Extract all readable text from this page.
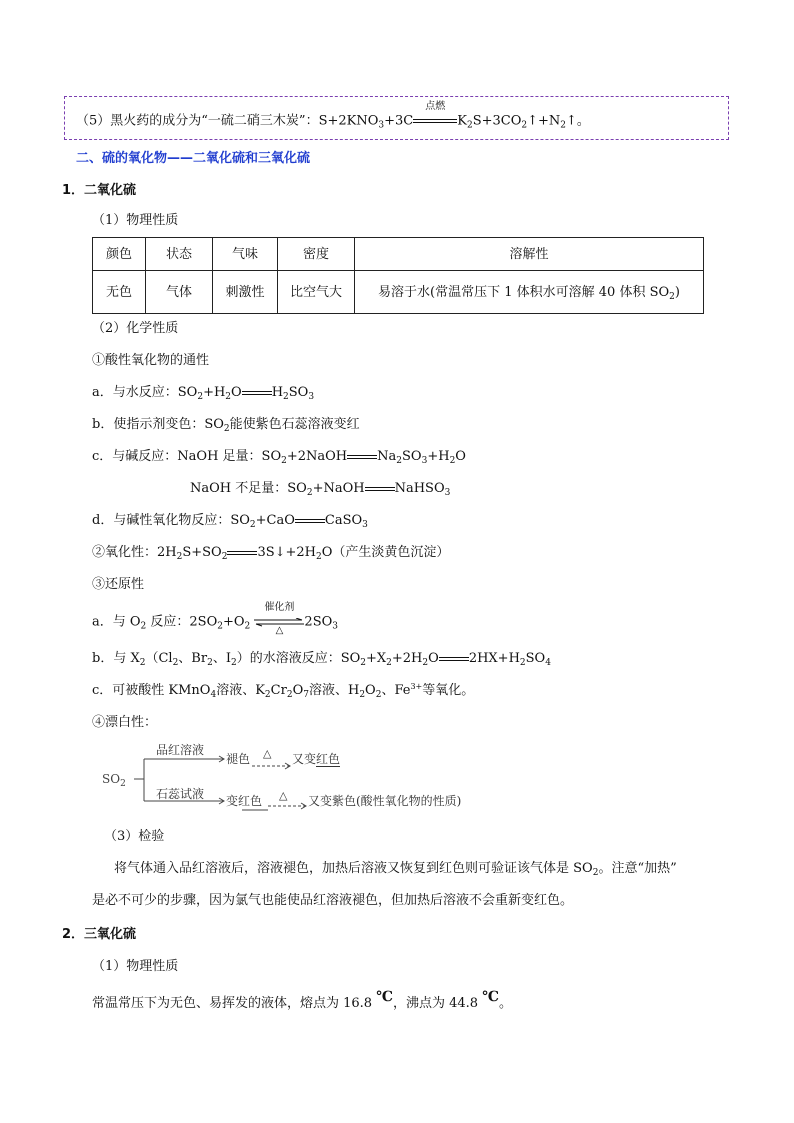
（5）黑火药的成分为“一硫二硝三木炭”：$S+2KNO_3+3C$
点燃
$K_2S+3CO_2↑+N_2↑$。
二、硫的氧化物——二氧化硫和三氧化硫
1．二氧化硫
（1）物理性质
颜色	状态	气味	密度	溶解性
无色	气体	刺激性	比空气大	易溶于水(常温常压下 1 体积水可溶解 40 体积 $SO_2$)
（2）化学性质
①酸性氧化物的通性
a．与水反应：$SO_2+H_2O$ $H_2SO_3$
b．使指示剂变色：$SO_2$能使紫色石蕊溶液变红
c．与碱反应：NaOH 足量：$SO_2+2NaOH$ $Na_2SO_3+H_2O$
NaOH 不足量：$SO_2+NaOH$ NaHSO$_3$
d．与碱性氧化物反应：$SO_2+CaO$ CaSO$_3$
②氧化性：$2H_2S+SO_2$ $3S↓+2H_2O$（产生淡黄色沉淀）
③还原性
a．与 $O_2$ 反应：$2SO_2+O_2$
催化剂
△
$2SO_3$
b．与 $X_2(Cl_2$、$Br_2$、$I_2$）的水溶液反应：$SO_2+X_2+2H_2O$ $2HX+H_2SO_4$
c．可被酸性 KMnO$_4$溶液、$K_2Cr_2O_7$溶液、$H_2O_2$、$Fe^{3+}$等氧化。
④漂白性：
$SO_2$
品红溶液
褪色 △ 又变红色
石蕊试液 变红色 △ 又变紫色(酸性氧化物的性质)
（3）检验
将气体通入品红溶液后，溶液褪色，加热后溶液又恢复到红色则可验证该气体是 $SO_2$。注意“加热”
是必不可少的步骤，因为氯气也能使品红溶液褪色，但加热后溶液不会重新变红色。
2．三氧化硫
（1）物理性质
常温常压下为无色、易挥发的液体，熔点为 16.8 ℃，沸点为 44.8 ℃。
